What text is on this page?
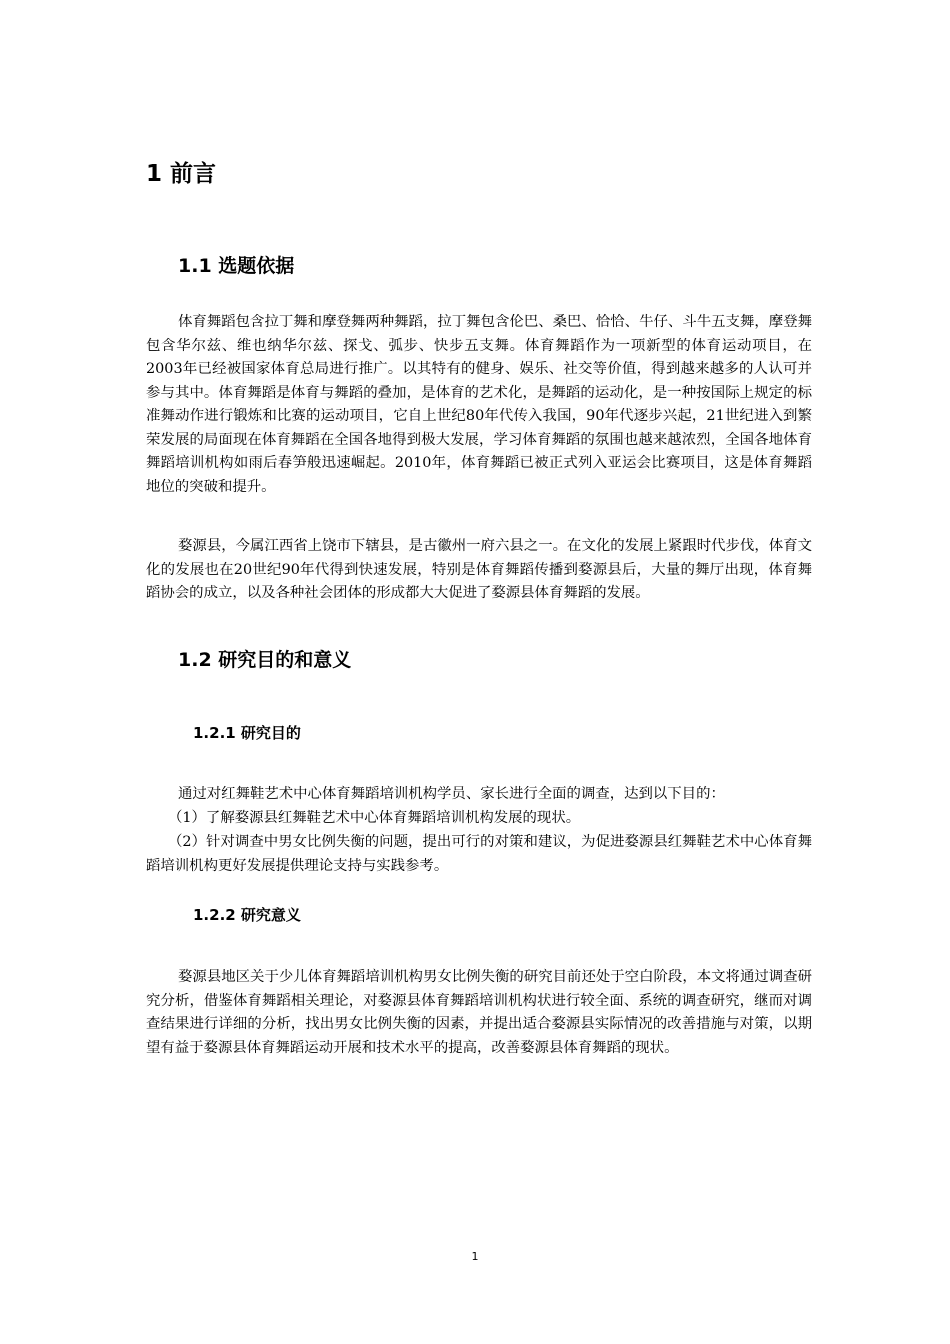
1 前言
1.1 选题依据

体育舞蹈包含拉丁舞和摩登舞两种舞蹈，拉丁舞包含伦巴、桑巴、恰恰、牛仔、斗牛五支舞，摩登舞包含华尔兹、维也纳华尔兹、探戈、弧步、快步五支舞。体育舞蹈作为一项新型的体育运动项目，在2003年已经被国家体育总局进行推广。以其特有的健身、娱乐、社交等价值，得到越来越多的人认可并参与其中。体育舞蹈是体育与舞蹈的叠加，是体育的艺术化，是舞蹈的运动化，是一种按国际上规定的标准舞动作进行锻炼和比赛的运动项目，它自上世纪80年代传入我国，90年代逐步兴起，21世纪进入到繁荣发展的局面现在体育舞蹈在全国各地得到极大发展，学习体育舞蹈的氛围也越来越浓烈，全国各地体育舞蹈培训机构如雨后春笋般迅速崛起。2010年，体育舞蹈已被正式列入亚运会比赛项目，这是体育舞蹈地位的突破和提升。

婺源县，今属江西省上饶市下辖县，是古徽州一府六县之一。在文化的发展上紧跟时代步伐，体育文化的发展也在20世纪90年代得到快速发展，特别是体育舞蹈传播到婺源县后，大量的舞厅出现，体育舞蹈协会的成立，以及各种社会团体的形成都大大促进了婺源县体育舞蹈的发展。

1.2 研究目的和意义
1.2.1 研究目的

通过对红舞鞋艺术中心体育舞蹈培训机构学员、家长进行全面的调查，达到以下目的：

（1）了解婺源县红舞鞋艺术中心体育舞蹈培训机构发展的现状。

（2）针对调查中男女比例失衡的问题，提出可行的对策和建议，为促进婺源县红舞鞋艺术中心体育舞蹈培训机构更好发展提供理论支持与实践参考。

1.2.2 研究意义

婺源县地区关于少儿体育舞蹈培训机构男女比例失衡的研究目前还处于空白阶段，本文将通过调查研究分析，借鉴体育舞蹈相关理论，对婺源县体育舞蹈培训机构状进行较全面、系统的调查研究，继而对调查结果进行详细的分析，找出男女比例失衡的因素，并提出适合婺源县实际情况的改善措施与对策，以期望有益于婺源县体育舞蹈运动开展和技术水平的提高，改善婺源县体育舞蹈的现状。

1
